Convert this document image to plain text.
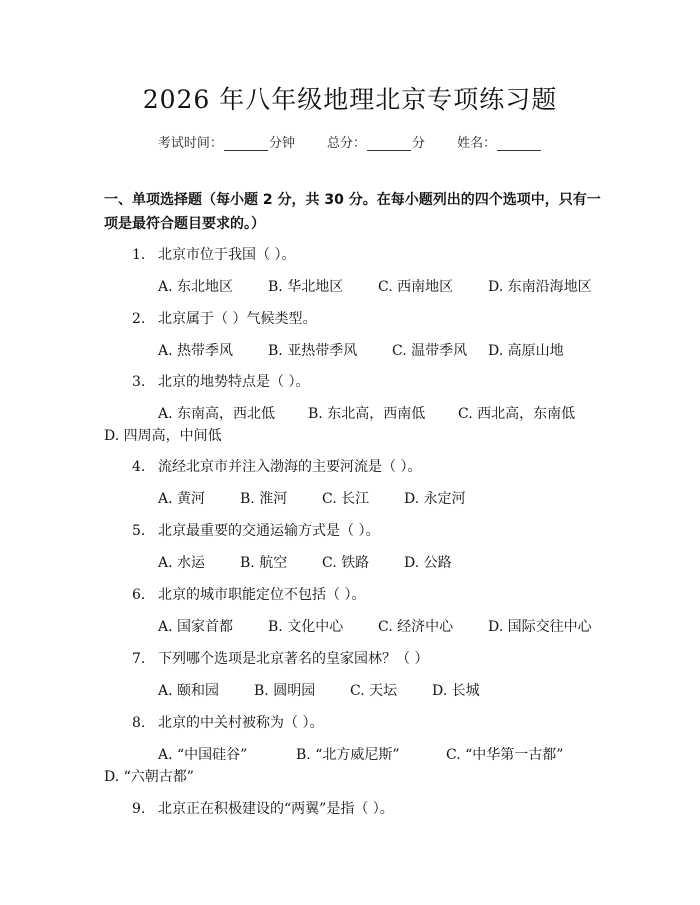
2026 年八年级地理北京专项练习题
考试时间：	分钟 总分：	分 姓名：
一、单项选择题（每小题 2 分，共 30 分。在每小题列出的四个选项中，只有一项是最符合题目要求的。）
1. 北京市位于我国（ ）。
A. 东北地区 B. 华北地区 C. 西南地区 D. 东南沿海地区
2. 北京属于（ ）气候类型。
A. 热带季风 B. 亚热带季风 C. 温带季风 D. 高原山地
3. 北京的地势特点是（ ）。
A. 东南高，西北低 B. 东北高，西南低 C. 西北高，东南低
D. 四周高，中间低
4. 流经北京市并注入渤海的主要河流是（ ）。
A. 黄河 B. 淮河 C. 长江 D. 永定河
5. 北京最重要的交通运输方式是（ ）。
A. 水运 B. 航空 C. 铁路 D. 公路
6. 北京的城市职能定位不包括（ ）。
A. 国家首都 B. 文化中心 C. 经济中心 D. 国际交往中心
7. 下列哪个选项是北京著名的皇家园林？（ ）
A. 颐和园 B. 圆明园 C. 天坛 D. 长城
8. 北京的中关村被称为（ ）。
A. “中国硅谷”	B. “北方威尼斯”	C. “中华第一古都”
D. “六朝古都”
9. 北京正在积极建设的“两翼”是指（ ）。
